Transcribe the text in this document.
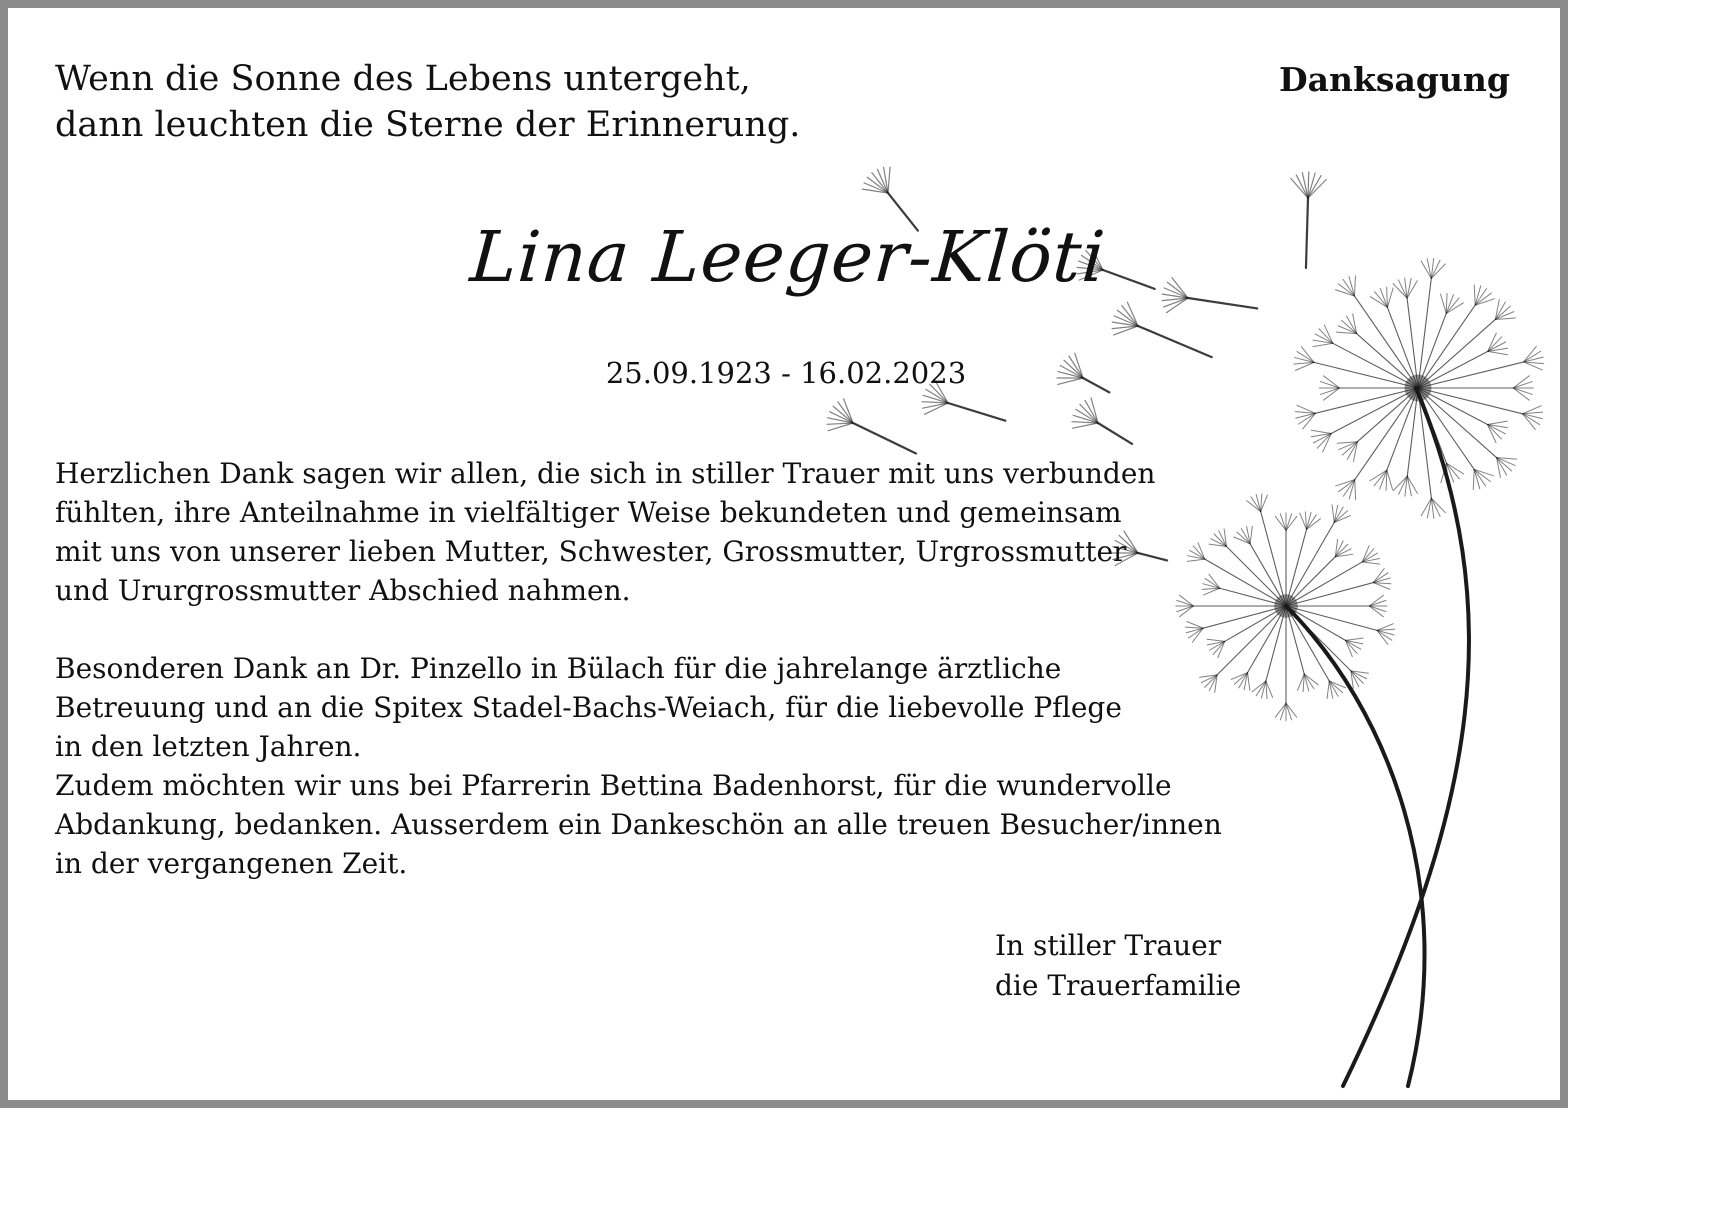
Wenn die Sonne des Lebens untergeht,
dann leuchten die Sterne der Erinnerung.
Danksagung
Lina Leeger-Klöti
25.09.1923 - 16.02.2023
Herzlichen Dank sagen wir allen, die sich in stiller Trauer mit uns verbunden
fühlten, ihre Anteilnahme in vielfältiger Weise bekundeten und gemeinsam
mit uns von unserer lieben Mutter, Schwester, Grossmutter, Urgrossmutter
und Ururgrossmutter Abschied nahmen.
Besonderen Dank an Dr. Pinzello in Bülach für die jahrelange ärztliche
Betreuung und an die Spitex Stadel-Bachs-Weiach, für die liebevolle Pflege
in den letzten Jahren.
Zudem möchten wir uns bei Pfarrerin Bettina Badenhorst, für die wundervolle
Abdankung, bedanken. Ausserdem ein Dankeschön an alle treuen Besucher/innen
in der vergangenen Zeit.
In stiller Trauer
die Trauerfamilie
